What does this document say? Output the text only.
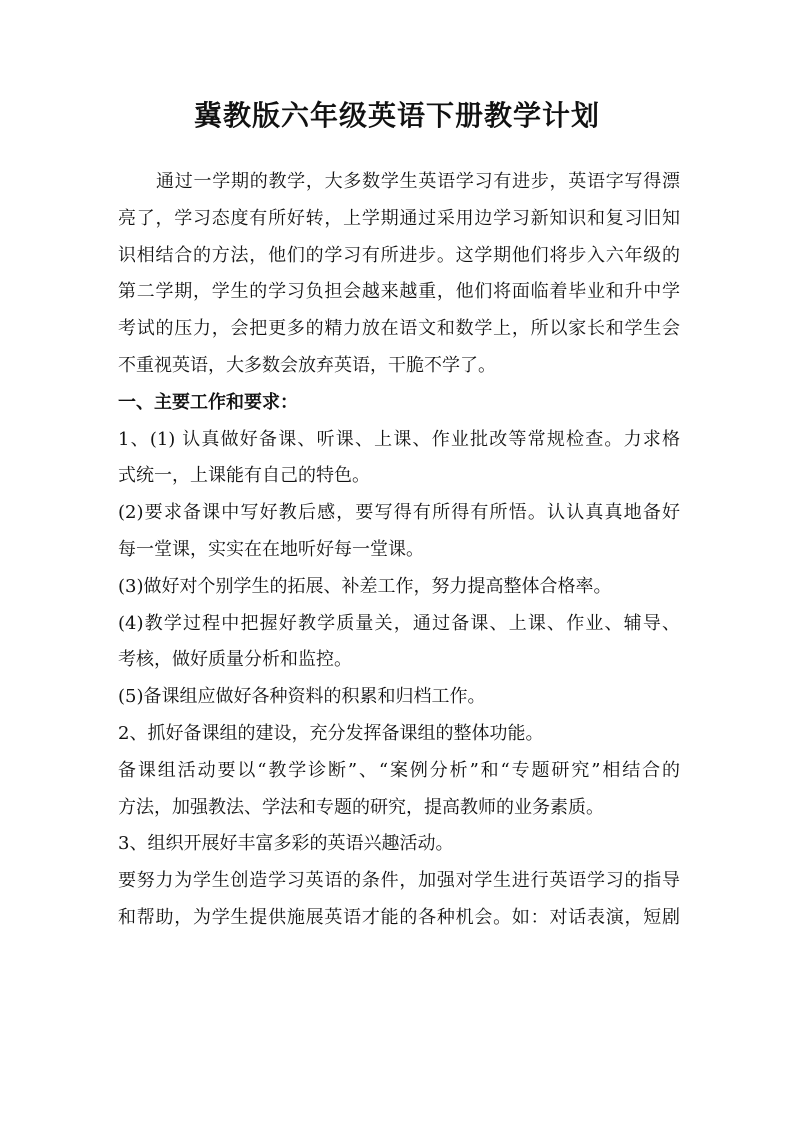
冀教版六年级英语下册教学计划
通过一学期的教学，大多数学生英语学习有进步，英语字写得漂
亮了，学习态度有所好转，上学期通过采用边学习新知识和复习旧知
识相结合的方法，他们的学习有所进步。这学期他们将步入六年级的
第二学期，学生的学习负担会越来越重，他们将面临着毕业和升中学
考试的压力，会把更多的精力放在语文和数学上，所以家长和学生会
不重视英语，大多数会放弃英语，干脆不学了。
一、主要工作和要求：
1、(1) 认真做好备课、听课、上课、作业批改等常规检查。力求格
式统一，上课能有自己的特色。
(2)要求备课中写好教后感，要写得有所得有所悟。认认真真地备好
每一堂课，实实在在地听好每一堂课。
(3)做好对个别学生的拓展、补差工作，努力提高整体合格率。
(4)教学过程中把握好教学质量关，通过备课、上课、作业、辅导、
考核，做好质量分析和监控。
(5)备课组应做好各种资料的积累和归档工作。
2、抓好备课组的建设，充分发挥备课组的整体功能。
备课组活动要以“教学诊断”、“案例分析”和“专题研究”相结合的
方法，加强教法、学法和专题的研究，提高教师的业务素质。
3、组织开展好丰富多彩的英语兴趣活动。
要努力为学生创造学习英语的条件，加强对学生进行英语学习的指导
和帮助，为学生提供施展英语才能的各种机会。如：对话表演，短剧
